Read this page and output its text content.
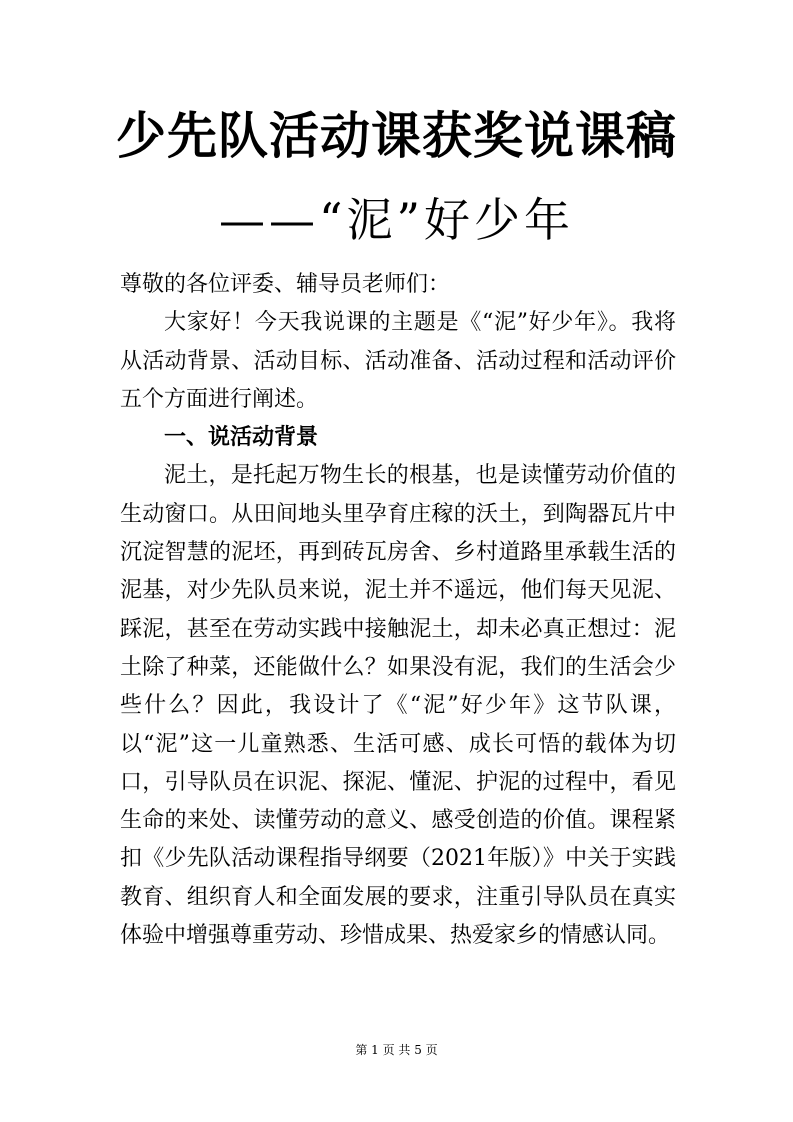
少先队活动课获奖说课稿
——“泥”好少年

尊敬的各位评委、辅导员老师们：

大家好！今天我说课的主题是《“泥”好少年》。我将从活动背景、活动目标、活动准备、活动过程和活动评价五个方面进行阐述。

一、说活动背景

泥土，是托起万物生长的根基，也是读懂劳动价值的生动窗口。从田间地头里孕育庄稼的沃土，到陶器瓦片中沉淀智慧的泥坯，再到砖瓦房舍、乡村道路里承载生活的泥基，对少先队员来说，泥土并不遥远，他们每天见泥、踩泥，甚至在劳动实践中接触泥土，却未必真正想过：泥土除了种菜，还能做什么？如果没有泥，我们的生活会少些什么？因此，我设计了《“泥”好少年》这节队课，以“泥”这一儿童熟悉、生活可感、成长可悟的载体为切口，引导队员在识泥、探泥、懂泥、护泥的过程中，看见生命的来处、读懂劳动的意义、感受创造的价值。课程紧扣《少先队活动课程指导纲要（2021年版）》中关于实践教育、组织育人和全面发展的要求，注重引导队员在真实体验中增强尊重劳动、珍惜成果、热爱家乡的情感认同。

第 1 页 共 5 页
